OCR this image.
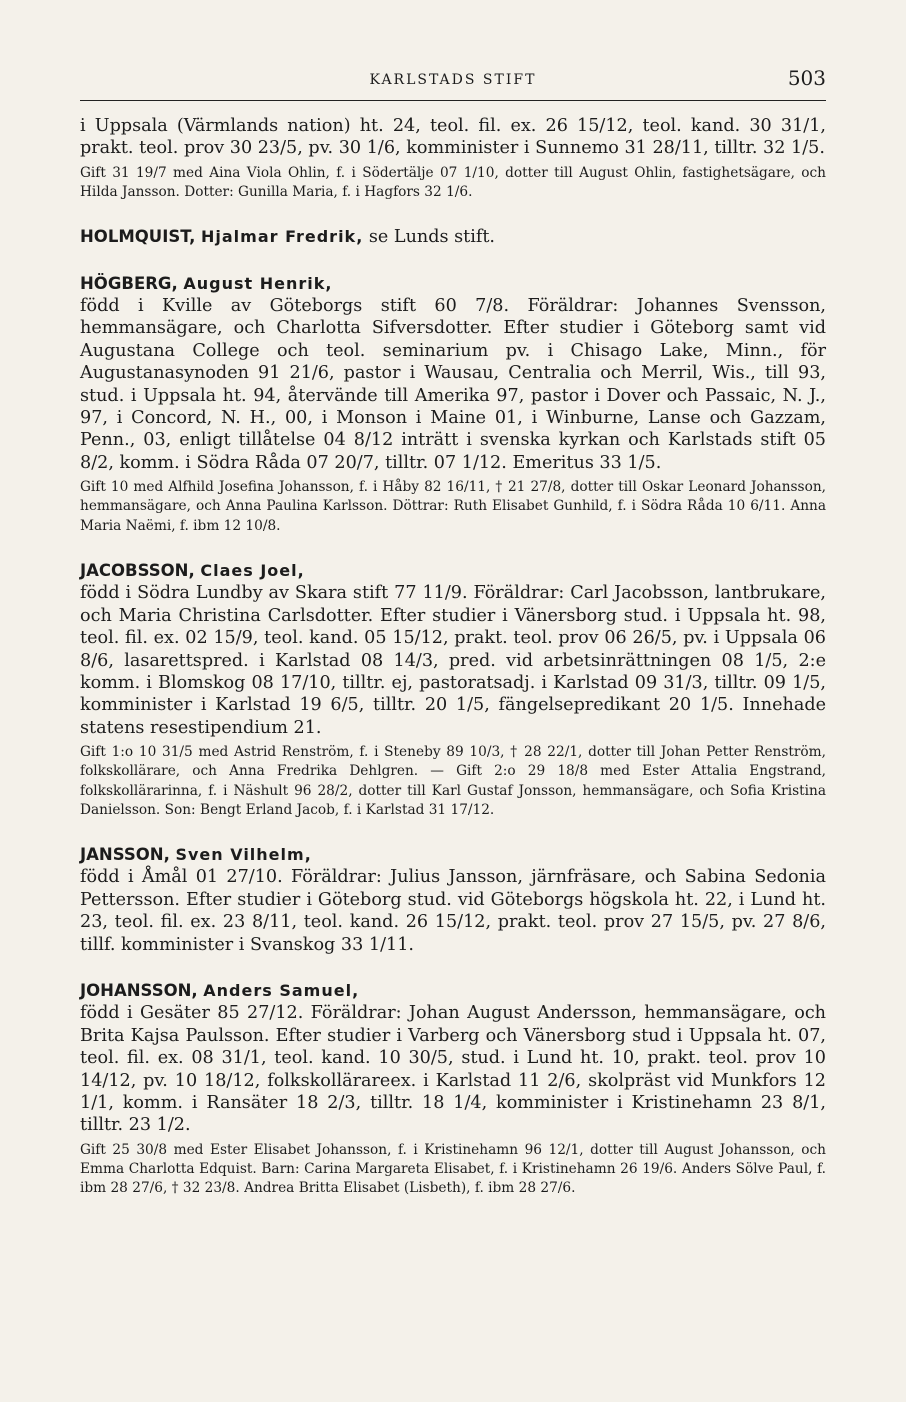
KARLSTADS STIFT	503

i Uppsala (Värmlands nation) ht. 24, teol. fil. ex. 26 15/12, teol. kand. 30 31/1, prakt. teol. prov 30 23/5, pv. 30 1/6, komminister i Sunnemo 31 28/11, tilltr. 32 1/5.

Gift 31 19/7 med Aina Viola Ohlin, f. i Södertälje 07 1/10, dotter till August Ohlin, fastighetsägare, och Hilda Jansson. Dotter: Gunilla Maria, f. i Hagfors 32 1/6.

HOLMQUIST, Hjalmar Fredrik, se Lunds stift.

HÖGBERG, August Henrik,

född i Kville av Göteborgs stift 60 7/8. Föräldrar: Johannes Svensson, hemmansägare, och Charlotta Sifversdotter. Efter studier i Göteborg samt vid Augustana College och teol. seminarium pv. i Chisago Lake, Minn., för Augustanasynoden 91 21/6, pastor i Wausau, Centralia och Merril, Wis., till 93, stud. i Uppsala ht. 94, återvände till Amerika 97, pastor i Dover och Passaic, N. J., 97, i Concord, N. H., 00, i Monson i Maine 01, i Winburne, Lanse och Gazzam, Penn., 03, enligt tillåtelse 04 8/12 inträtt i svenska kyrkan och Karlstads stift 05 8/2, komm. i Södra Råda 07 20/7, tilltr. 07 1/12. Emeritus 33 1/5.

Gift 10 med Alfhild Josefina Johansson, f. i Håby 82 16/11, † 21 27/8, dotter till Oskar Leonard Johansson, hemmansägare, och Anna Paulina Karlsson. Döttrar: Ruth Elisabet Gunhild, f. i Södra Råda 10 6/11. Anna Maria Naëmi, f. ibm 12 10/8.

JACOBSSON, Claes Joel,

född i Södra Lundby av Skara stift 77 11/9. Föräldrar: Carl Jacobsson, lantbrukare, och Maria Christina Carlsdotter. Efter studier i Vänersborg stud. i Uppsala ht. 98, teol. fil. ex. 02 15/9, teol. kand. 05 15/12, prakt. teol. prov 06 26/5, pv. i Uppsala 06 8/6, lasarettspred. i Karlstad 08 14/3, pred. vid arbetsinrättningen 08 1/5, 2:e komm. i Blomskog 08 17/10, tilltr. ej, pastoratsadj. i Karlstad 09 31/3, tilltr. 09 1/5, komminister i Karlstad 19 6/5, tilltr. 20 1/5, fängelsepredikant 20 1/5. Innehade statens resestipendium 21.

Gift 1:o 10 31/5 med Astrid Renström, f. i Steneby 89 10/3, † 28 22/1, dotter till Johan Petter Renström, folkskollärare, och Anna Fredrika Dehlgren. — Gift 2:o 29 18/8 med Ester Attalia Engstrand, folkskollärarinna, f. i Näshult 96 28/2, dotter till Karl Gustaf Jonsson, hemmansägare, och Sofia Kristina Danielsson. Son: Bengt Erland Jacob, f. i Karlstad 31 17/12.

JANSSON, Sven Vilhelm,

född i Åmål 01 27/10. Föräldrar: Julius Jansson, järnfräsare, och Sabina Sedonia Pettersson. Efter studier i Göteborg stud. vid Göteborgs högskola ht. 22, i Lund ht. 23, teol. fil. ex. 23 8/11, teol. kand. 26 15/12, prakt. teol. prov 27 15/5, pv. 27 8/6, tillf. komminister i Svanskog 33 1/11.

JOHANSSON, Anders Samuel,

född i Gesäter 85 27/12. Föräldrar: Johan August Andersson, hemmansägare, och Brita Kajsa Paulsson. Efter studier i Varberg och Vänersborg stud i Uppsala ht. 07, teol. fil. ex. 08 31/1, teol. kand. 10 30/5, stud. i Lund ht. 10, prakt. teol. prov 10 14/12, pv. 10 18/12, folkskollärareex. i Karlstad 11 2/6, skolpräst vid Munkfors 12 1/1, komm. i Ransäter 18 2/3, tilltr. 18 1/4, komminister i Kristinehamn 23 8/1, tilltr. 23 1/2.

Gift 25 30/8 med Ester Elisabet Johansson, f. i Kristinehamn 96 12/1, dotter till August Johansson, och Emma Charlotta Edquist. Barn: Carina Margareta Elisabet, f. i Kristinehamn 26 19/6. Anders Sölve Paul, f. ibm 28 27/6, † 32 23/8. Andrea Britta Elisabet (Lisbeth), f. ibm 28 27/6.
